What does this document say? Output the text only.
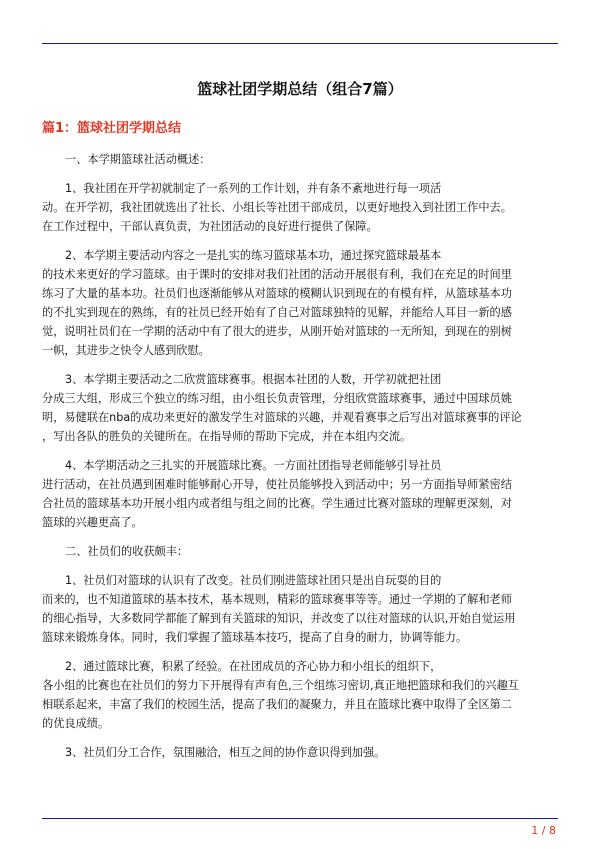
篮球社团学期总结（组合7篇）
篇1：篮球社团学期总结

一、本学期篮球社活动概述：

1、我社团在开学初就制定了一系列的工作计划，并有条不紊地进行每一项活
动。在开学初，我社团就选出了社长、小组长等社团干部成员，以更好地投入到社团工作中去。
在工作过程中，干部认真负责，为社团活动的良好进行提供了保障。

2、本学期主要活动内容之一是扎实的练习篮球基本功，通过探究篮球最基本
的技术来更好的学习篮球。由于课时的安排对我们社团的活动开展很有利，我们在充足的时间里
练习了大量的基本功。社员们也逐渐能够从对篮球的模糊认识到现在的有模有样，从篮球基本功
的不扎实到现在的熟练，有的社员已经开始有了自己对篮球独特的见解，并能给人耳目一新的感
觉，说明社员们在一学期的活动中有了很大的进步，从刚开始对篮球的一无所知，到现在的别树
一帜，其进步之快令人感到欣慰。

3、本学期主要活动之二欣赏篮球赛事。根据本社团的人数，开学初就把社团
分成三大组，形成三个独立的练习组，由小组长负责管理，分组欣赏篮球赛事，通过中国球员姚
明，易健联在nba的成功来更好的激发学生对篮球的兴趣，并观看赛事之后写出对篮球赛事的评论
，写出各队的胜负的关键所在。在指导师的帮助下完成，并在本组内交流。

4、本学期活动之三扎实的开展篮球比赛。一方面社团指导老师能够引导社员
进行活动，在社员遇到困难时能够耐心开导，使社员能够投入到活动中；另一方面指导师紧密结
合社员的篮球基本功开展小组内或者组与组之间的比赛。学生通过比赛对篮球的理解更深刻，对
篮球的兴趣更高了。

二、社员们的收获颇丰：

1、社员们对篮球的认识有了改变。社员们刚进篮球社团只是出自玩耍的目的
而来的，也不知道篮球的基本技术，基本规则，精彩的篮球赛事等等。通过一学期的了解和老师
的细心指导，大多数同学都能了解到有关篮球的知识，并改变了以往对篮球的认识,开始自觉运用
篮球来锻炼身体。同时，我们掌握了篮球基本技巧，提高了自身的耐力，协调等能力。

2、通过篮球比赛，积累了经验。在社团成员的齐心协力和小组长的组织下，
各小组的比赛也在社员们的努力下开展得有声有色,三个组练习密切,真正地把篮球和我们的兴趣互
相联系起来，丰富了我们的校园生活，提高了我们的凝聚力，并且在篮球比赛中取得了全区第二
的优良成绩。

3、社员们分工合作，氛围融洽，相互之间的协作意识得到加强。

1 / 8
